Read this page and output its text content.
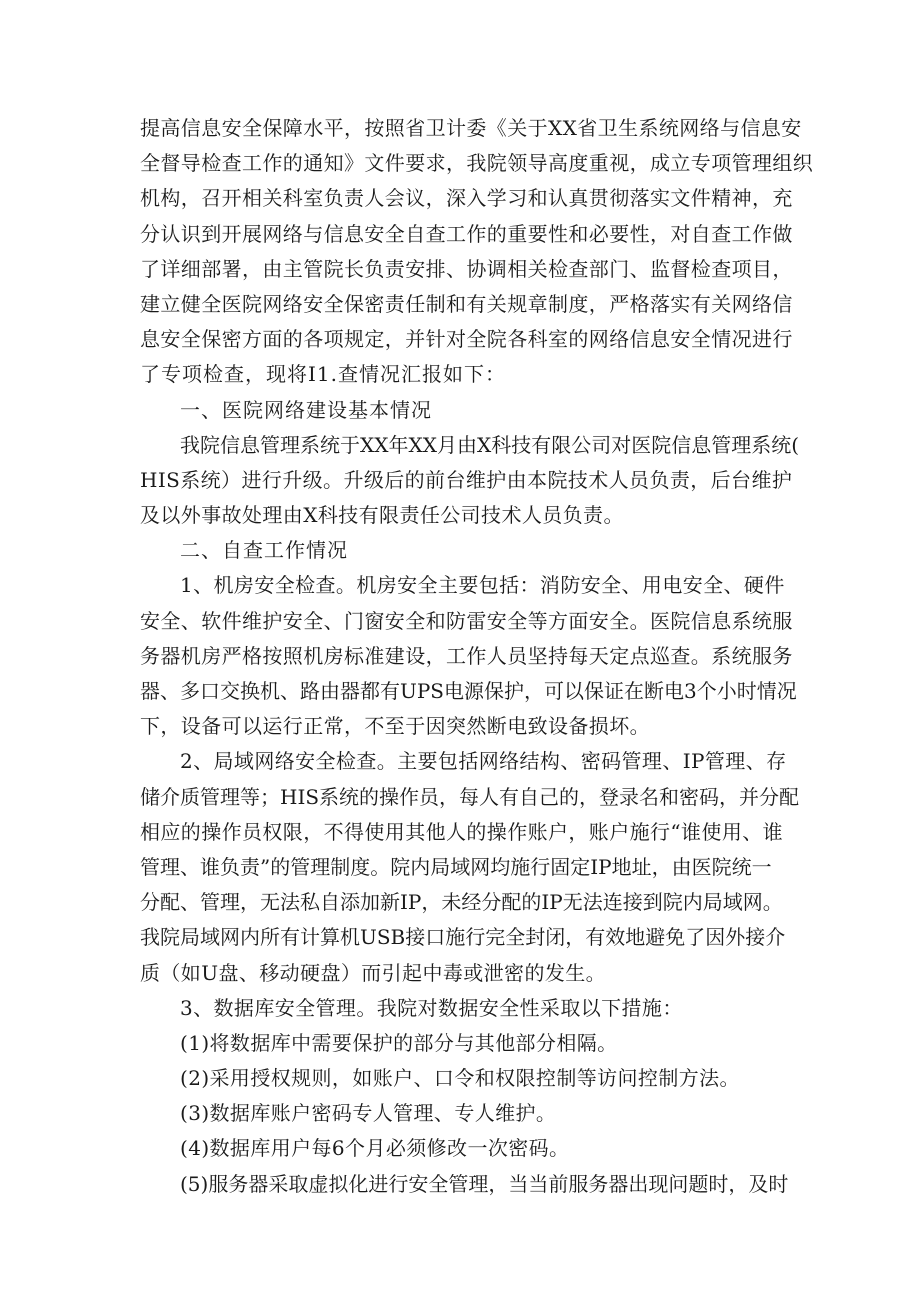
提高信息安全保障水平，按照省卫计委《关于XX省卫生系统网络与信息安
全督导检查工作的通知》文件要求，我院领导高度重视，成立专项管理组织
机构，召开相关科室负责人会议，深入学习和认真贯彻落实文件精神，充
分认识到开展网络与信息安全自查工作的重要性和必要性，对自查工作做
了详细部署，由主管院长负责安排、协调相关检查部门、监督检查项目，
建立健全医院网络安全保密责任制和有关规章制度，严格落实有关网络信
息安全保密方面的各项规定，并针对全院各科室的网络信息安全情况进行
了专项检查，现将I1.查情况汇报如下：
一、医院网络建设基本情况
我院信息管理系统于XX年XX月由X科技有限公司对医院信息管理系统(
HIS系统）进行升级。升级后的前台维护由本院技术人员负责，后台维护
及以外事故处理由X科技有限责任公司技术人员负责。
二、自查工作情况
1、机房安全检查。机房安全主要包括：消防安全、用电安全、硬件
安全、软件维护安全、门窗安全和防雷安全等方面安全。医院信息系统服
务器机房严格按照机房标准建设，工作人员坚持每天定点巡查。系统服务
器、多口交换机、路由器都有UPS电源保护，可以保证在断电3个小时情况
下，设备可以运行正常，不至于因突然断电致设备损坏。
2、局域网络安全检查。主要包括网络结构、密码管理、IP管理、存
储介质管理等；HIS系统的操作员，每人有自己的，登录名和密码，并分配
相应的操作员权限，不得使用其他人的操作账户，账户施行“谁使用、谁
管理、谁负责”的管理制度。院内局域网均施行固定IP地址，由医院统一
分配、管理，无法私自添加新IP，未经分配的IP无法连接到院内局域网。
我院局域网内所有计算机USB接口施行完全封闭，有效地避免了因外接介
质（如U盘、移动硬盘）而引起中毒或泄密的发生。
3、数据库安全管理。我院对数据安全性采取以下措施：
(1)将数据库中需要保护的部分与其他部分相隔。
(2)采用授权规则，如账户、口令和权限控制等访问控制方法。
(3)数据库账户密码专人管理、专人维护。
(4)数据库用户每6个月必须修改一次密码。
(5)服务器采取虚拟化进行安全管理，当当前服务器出现问题时，及时
